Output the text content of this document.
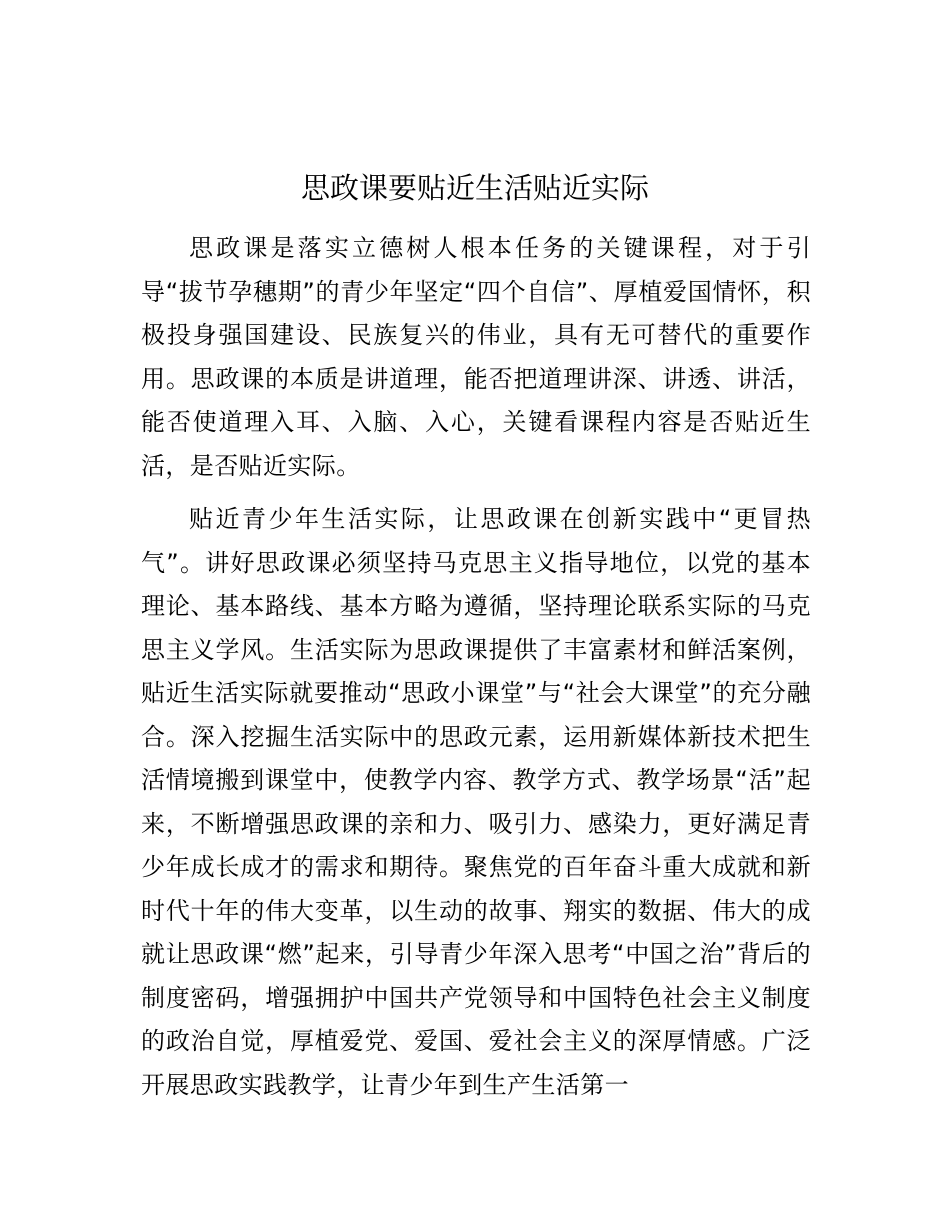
思政课要贴近生活贴近实际

思政课是落实立德树人根本任务的关键课程，对于引导“拔节孕穗期”的青少年坚定“四个自信”、厚植爱国情怀，积极投身强国建设、民族复兴的伟业，具有无可替代的重要作用。思政课的本质是讲道理，能否把道理讲深、讲透、讲活，能否使道理入耳、入脑、入心，关键看课程内容是否贴近生活，是否贴近实际。

贴近青少年生活实际，让思政课在创新实践中“更冒热气”。讲好思政课必须坚持马克思主义指导地位，以党的基本理论、基本路线、基本方略为遵循，坚持理论联系实际的马克思主义学风。生活实际为思政课提供了丰富素材和鲜活案例，贴近生活实际就要推动“思政小课堂”与“社会大课堂”的充分融合。深入挖掘生活实际中的思政元素，运用新媒体新技术把生活情境搬到课堂中，使教学内容、教学方式、教学场景“活”起来，不断增强思政课的亲和力、吸引力、感染力，更好满足青少年成长成才的需求和期待。聚焦党的百年奋斗重大成就和新时代十年的伟大变革，以生动的故事、翔实的数据、伟大的成就让思政课“燃”起来，引导青少年深入思考“中国之治”背后的制度密码，增强拥护中国共产党领导和中国特色社会主义制度的政治自觉，厚植爱党、爱国、爱社会主义的深厚情感。广泛开展思政实践教学，让青少年到生产生活第一
